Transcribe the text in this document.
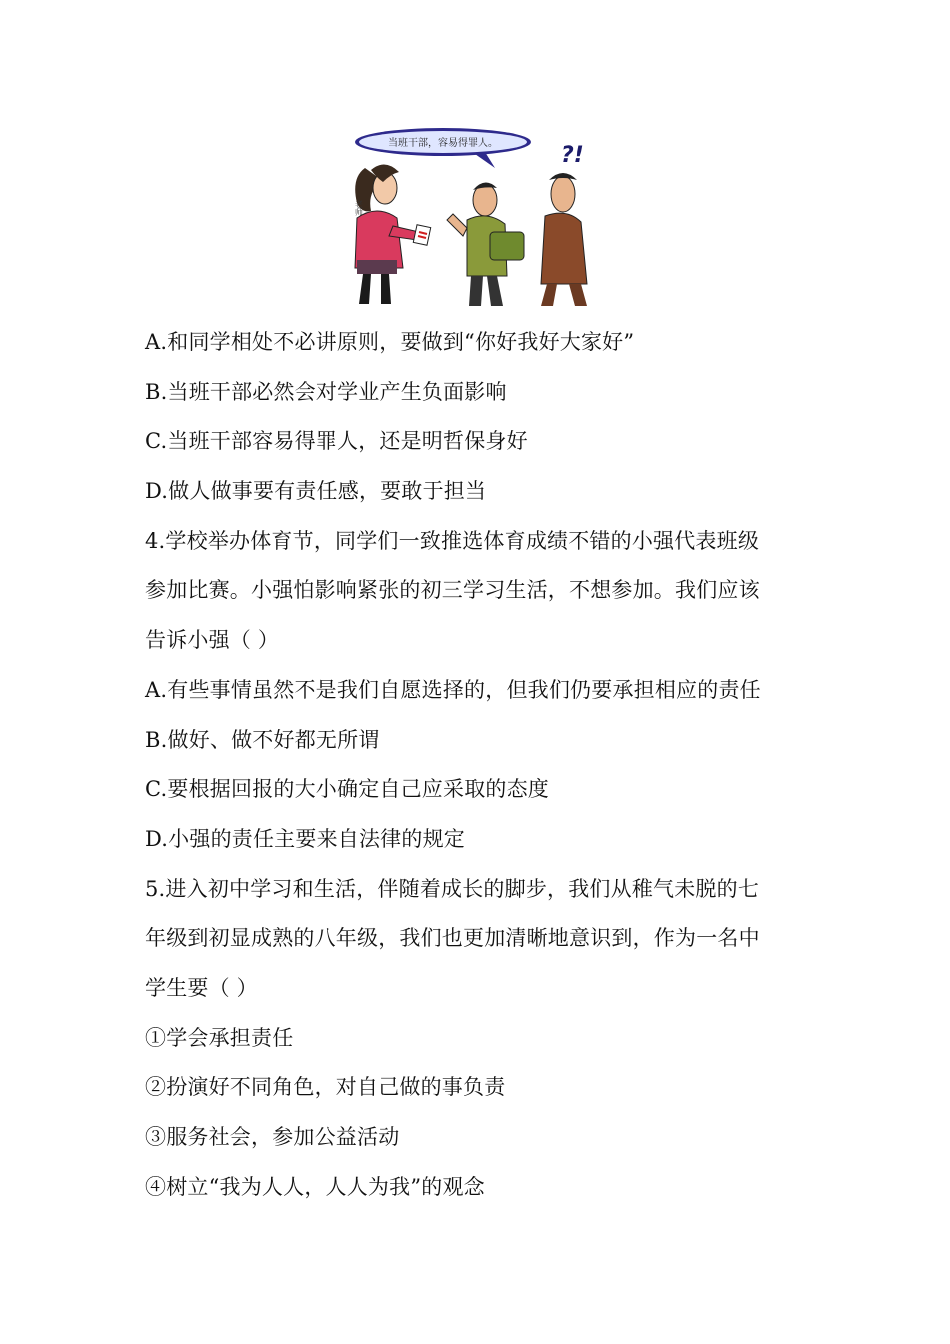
当班干部，容易得罪人。	?!
老师
A.和同学相处不必讲原则，要做到“你好我好大家好”
B.当班干部必然会对学业产生负面影响
C.当班干部容易得罪人，还是明哲保身好
D.做人做事要有责任感，要敢于担当
4.学校举办体育节，同学们一致推选体育成绩不错的小强代表班级
参加比赛。小强怕影响紧张的初三学习生活，不想参加。我们应该
告诉小强（ ）
A.有些事情虽然不是我们自愿选择的，但我们仍要承担相应的责任
B.做好、做不好都无所谓
C.要根据回报的大小确定自己应采取的态度
D.小强的责任主要来自法律的规定
5.进入初中学习和生活，伴随着成长的脚步，我们从稚气未脱的七
年级到初显成熟的八年级，我们也更加清晰地意识到，作为一名中
学生要（ ）
①学会承担责任
②扮演好不同角色，对自己做的事负责
③服务社会，参加公益活动
④树立“我为人人，人人为我”的观念
